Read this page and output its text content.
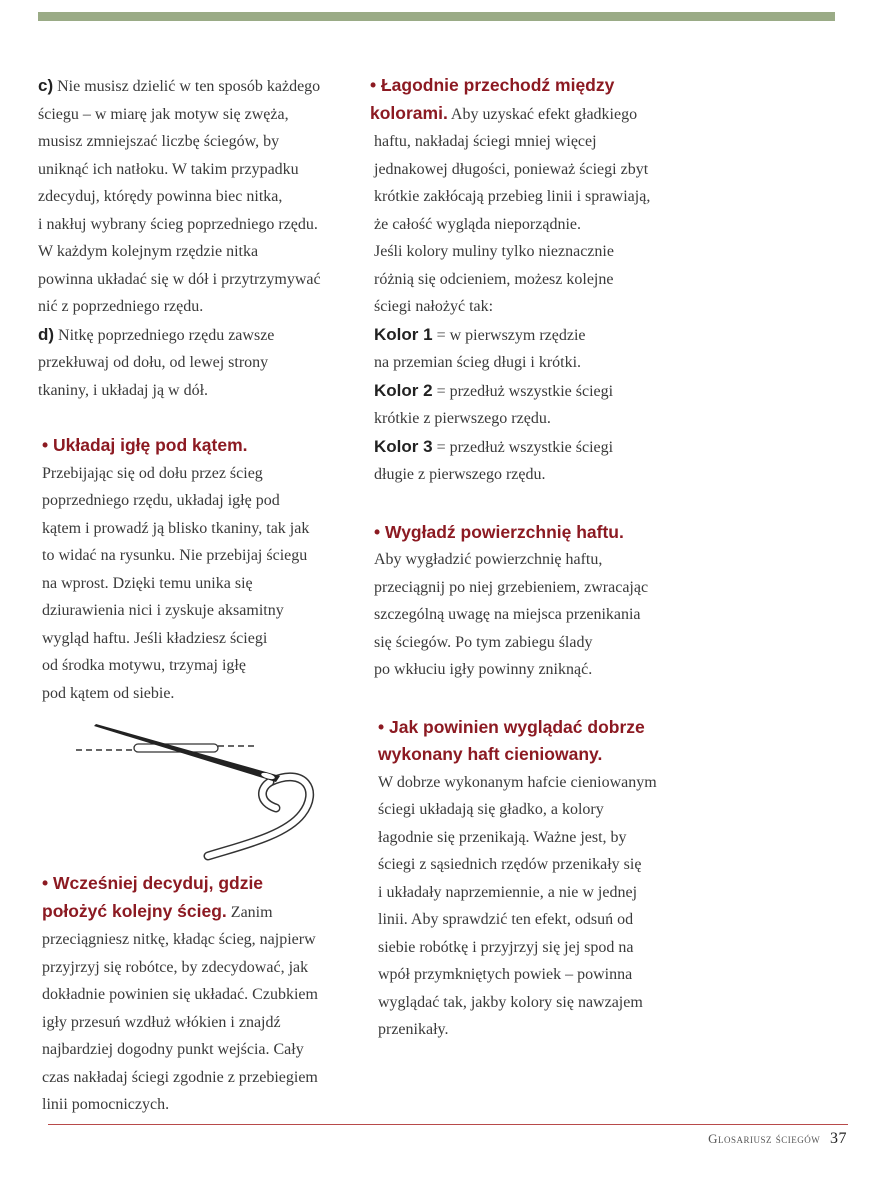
c) Nie musisz dzielić w ten sposób każdego
ściegu – w miarę jak motyw się zwęża,
musisz zmniejszać liczbę ściegów, by
uniknąć ich natłoku. W takim przypadku
zdecyduj, którędy powinna biec nitka,
i nakłuj wybrany ścieg poprzedniego rzędu.
W każdym kolejnym rzędzie nitka
powinna układać się w dół i przytrzymywać
nić z poprzedniego rzędu.
d) Nitkę poprzedniego rzędu zawsze
przekłuwaj od dołu, od lewej strony
tkaniny, i układaj ją w dół.
• Układaj igłę pod kątem.
Przebijając się od dołu przez ścieg
poprzedniego rzędu, układaj igłę pod
kątem i prowadź ją blisko tkaniny, tak jak
to widać na rysunku. Nie przebijaj ściegu
na wprost. Dzięki temu unika się
dziurawienia nici i zyskuje aksamitny
wygląd haftu. Jeśli kładziesz ściegi
od środka motywu, trzymaj igłę
pod kątem od siebie.
• Wcześniej decyduj, gdzie
położyć kolejny ścieg. Zanim
przeciągniesz nitkę, kładąc ścieg, najpierw
przyjrzyj się robótce, by zdecydować, jak
dokładnie powinien się układać. Czubkiem
igły przesuń wzdłuż włókien i znajdź
najbardziej dogodny punkt wejścia. Cały
czas nakładaj ściegi zgodnie z przebiegiem
linii pomocniczych.
• Łagodnie przechodź między
kolorami. Aby uzyskać efekt gładkiego
haftu, nakładaj ściegi mniej więcej
jednakowej długości, ponieważ ściegi zbyt
krótkie zakłócają przebieg linii i sprawiają,
że całość wygląda nieporządnie.
Jeśli kolory muliny tylko nieznacznie
różnią się odcieniem, możesz kolejne
ściegi nałożyć tak:
Kolor 1 = w pierwszym rzędzie
na przemian ścieg długi i krótki.
Kolor 2 = przedłuż wszystkie ściegi
krótkie z pierwszego rzędu.
Kolor 3 = przedłuż wszystkie ściegi
długie z pierwszego rzędu.
• Wygładź powierzchnię haftu.
Aby wygładzić powierzchnię haftu,
przeciągnij po niej grzebieniem, zwracając
szczególną uwagę na miejsca przenikania
się ściegów. Po tym zabiegu ślady
po wkłuciu igły powinny zniknąć.
• Jak powinien wyglądać dobrze
wykonany haft cieniowany.
W dobrze wykonanym hafcie cieniowanym
ściegi układają się gładko, a kolory
łagodnie się przenikają. Ważne jest, by
ściegi z sąsiednich rzędów przenikały się
i układały naprzemiennie, a nie w jednej
linii. Aby sprawdzić ten efekt, odsuń od
siebie robótkę i przyjrzyj się jej spod na
wpół przymkniętych powiek – powinna
wyglądać tak, jakby kolory się nawzajem
przenikały.
Glosariusz ściegów 37
